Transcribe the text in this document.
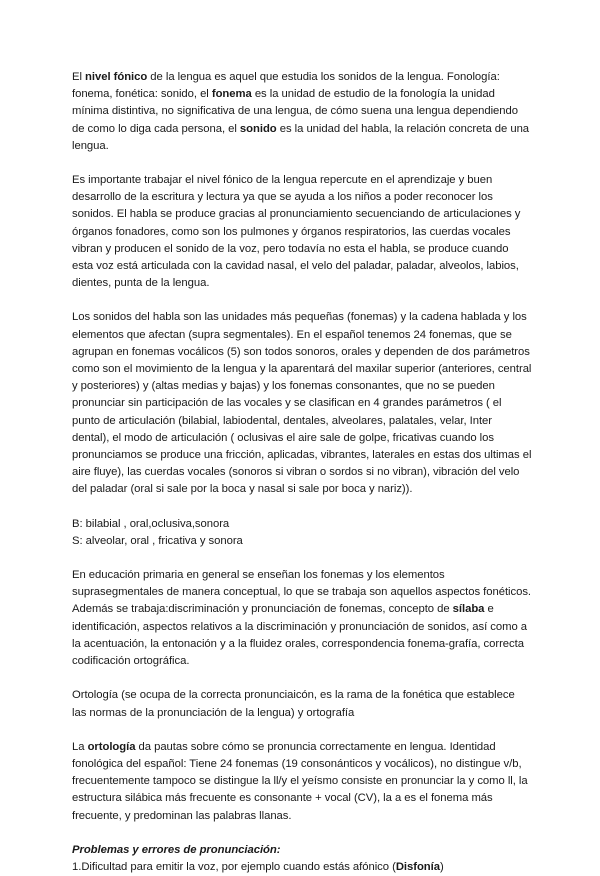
El nivel fónico de la lengua es aquel que estudia los sonidos de la lengua. Fonología: fonema, fonética: sonido, el fonema es la unidad de estudio de la fonología la unidad mínima distintiva, no significativa de una lengua, de cómo suena una lengua dependiendo de como lo diga cada persona, el sonido es la unidad del habla, la relación concreta de una lengua.

Es importante trabajar el nivel fónico de la lengua repercute en el aprendizaje y buen desarrollo de la escritura y lectura ya que se ayuda a los niños a poder reconocer los sonidos. El habla se produce gracias al pronunciamiento secuenciando de articulaciones y órganos fonadores, como son los pulmones y órganos respiratorios, las cuerdas vocales vibran y producen el sonido de la voz, pero todavía no esta el habla, se produce cuando esta voz está articulada con la cavidad nasal, el velo del paladar, paladar, alveolos, labios, dientes, punta de la lengua.

Los sonidos del habla son las unidades más pequeñas (fonemas) y la cadena hablada y los elementos que afectan (supra segmentales). En el español tenemos 24 fonemas, que se agrupan en fonemas vocálicos (5) son todos sonoros, orales y dependen de dos parámetros como son el movimiento de la lengua y la aparentará del maxilar superior (anteriores, central y posteriores) y (altas medias y bajas) y los fonemas consonantes, que no se pueden pronunciar sin participación de las vocales y se clasifican en 4 grandes parámetros ( el punto de articulación (bilabial, labiodental, dentales, alveolares, palatales, velar, Inter dental), el modo de articulación ( oclusivas el aire sale de golpe, fricativas cuando los pronunciamos se produce una fricción, aplicadas, vibrantes, laterales en estas dos ultimas el aire fluye), las cuerdas vocales (sonoros si vibran o sordos si no vibran), vibración del velo del paladar (oral si sale por la boca y nasal si sale por boca y nariz)).

B: bilabial , oral,oclusiva,sonora
S: alveolar, oral , fricativa y sonora

En educación primaria en general se enseñan los fonemas y los elementos suprasegmentales de manera conceptual, lo que se trabaja son aquellos aspectos fonéticos. Además se trabaja:discriminación y pronunciación de fonemas, concepto de sílaba e identificación, aspectos relativos a la discriminación y pronunciación de sonidos, así como a la acentuación, la entonación y a la fluidez orales, correspondencia fonema-grafía, correcta codificación ortográfica.

Ortología (se ocupa de la correcta pronunciaicón, es la rama de la fonética que establece las normas de la pronunciación de la lengua) y ortografía

La ortología da pautas sobre cómo se pronuncia correctamente en lengua. Identidad fonológica del español: Tiene 24 fonemas (19 consonánticos y vocálicos), no distingue v/b, frecuentemente tampoco se distingue la ll/y el yeísmo consiste en pronunciar la y como ll, la estructura silábica más frecuente es consonante + vocal (CV), la a es el fonema más frecuente, y predominan las palabras llanas.

Problemas y errores de pronunciación:
1.Dificultad para emitir la voz, por ejemplo cuando estás afónico (Disfonía)
